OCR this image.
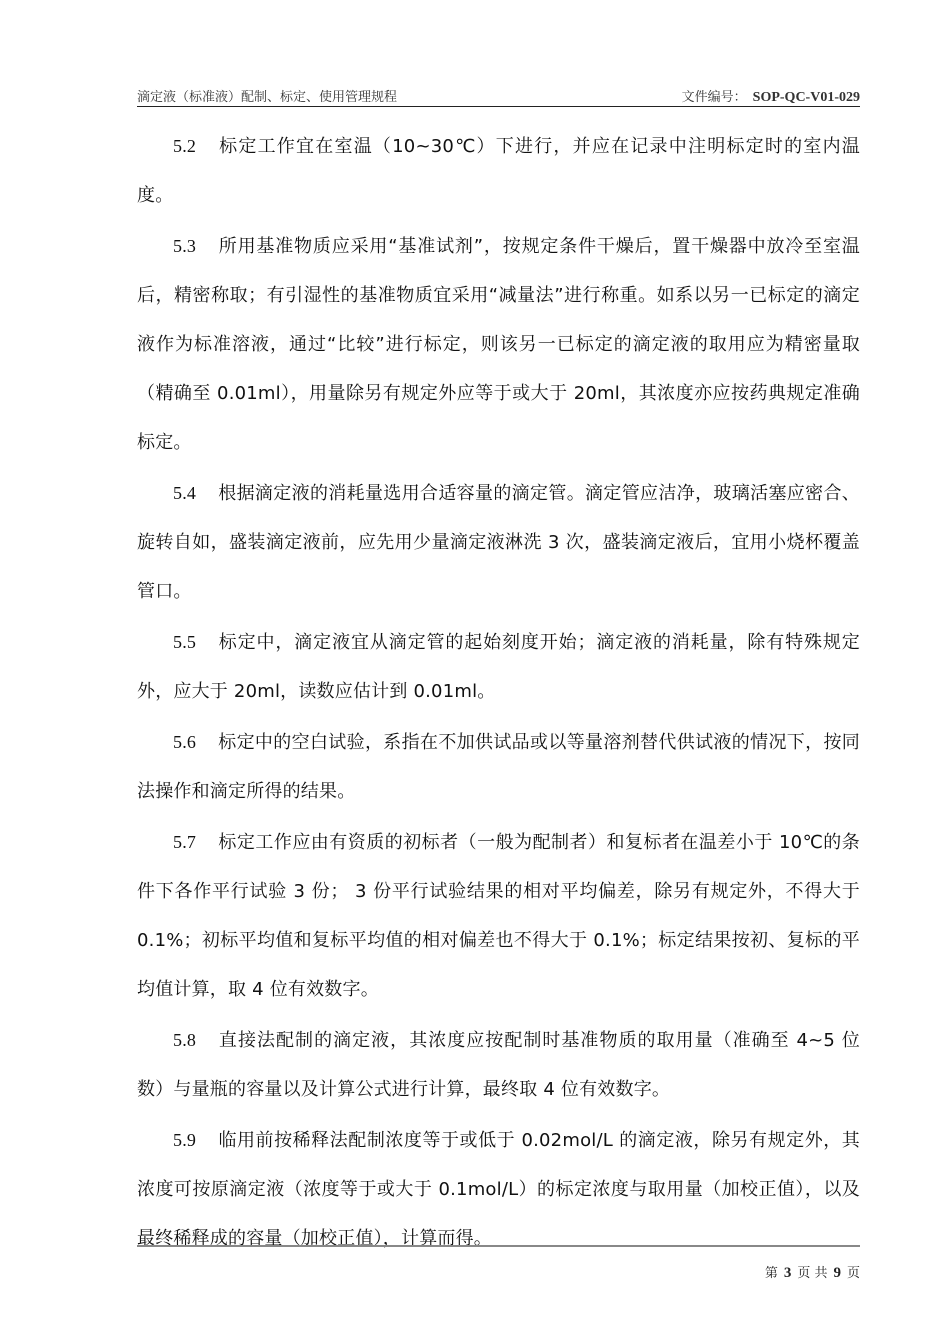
滴定液（标准液）配制、标定、使用管理规程	文件编号： SOP-QC-V01-029

5.2 标定工作宜在室温（10~30℃）下进行，并应在记录中注明标定时的室内温度。

5.3 所用基准物质应采用“基准试剂”，按规定条件干燥后，置干燥器中放冷至室温后，精密称取；有引湿性的基准物质宜采用“减量法”进行称重。如系以另一已标定的滴定液作为标准溶液，通过“比较”进行标定，则该另一已标定的滴定液的取用应为精密量取（精确至 0.01ml），用量除另有规定外应等于或大于 20ml，其浓度亦应按药典规定准确标定。

5.4 根据滴定液的消耗量选用合适容量的滴定管。滴定管应洁净，玻璃活塞应密合、旋转自如，盛装滴定液前，应先用少量滴定液淋洗 3 次，盛装滴定液后，宜用小烧杯覆盖管口。

5.5 标定中，滴定液宜从滴定管的起始刻度开始；滴定液的消耗量，除有特殊规定外，应大于 20ml，读数应估计到 0.01ml。

5.6 标定中的空白试验，系指在不加供试品或以等量溶剂替代供试液的情况下，按同法操作和滴定所得的结果。

5.7 标定工作应由有资质的初标者（一般为配制者）和复标者在温差小于 10℃的条件下各作平行试验 3 份； 3 份平行试验结果的相对平均偏差，除另有规定外，不得大于 0.1%；初标平均值和复标平均值的相对偏差也不得大于 0.1%；标定结果按初、复标的平均值计算，取 4 位有效数字。

5.8 直接法配制的滴定液，其浓度应按配制时基准物质的取用量（准确至 4~5 位数）与量瓶的容量以及计算公式进行计算，最终取 4 位有效数字。

5.9 临用前按稀释法配制浓度等于或低于 0.02mol/L 的滴定液，除另有规定外，其浓度可按原滴定液（浓度等于或大于 0.1mol/L）的标定浓度与取用量（加校正值），以及最终稀释成的容量（加校正值），计算而得。

第 3 页 共 9 页
